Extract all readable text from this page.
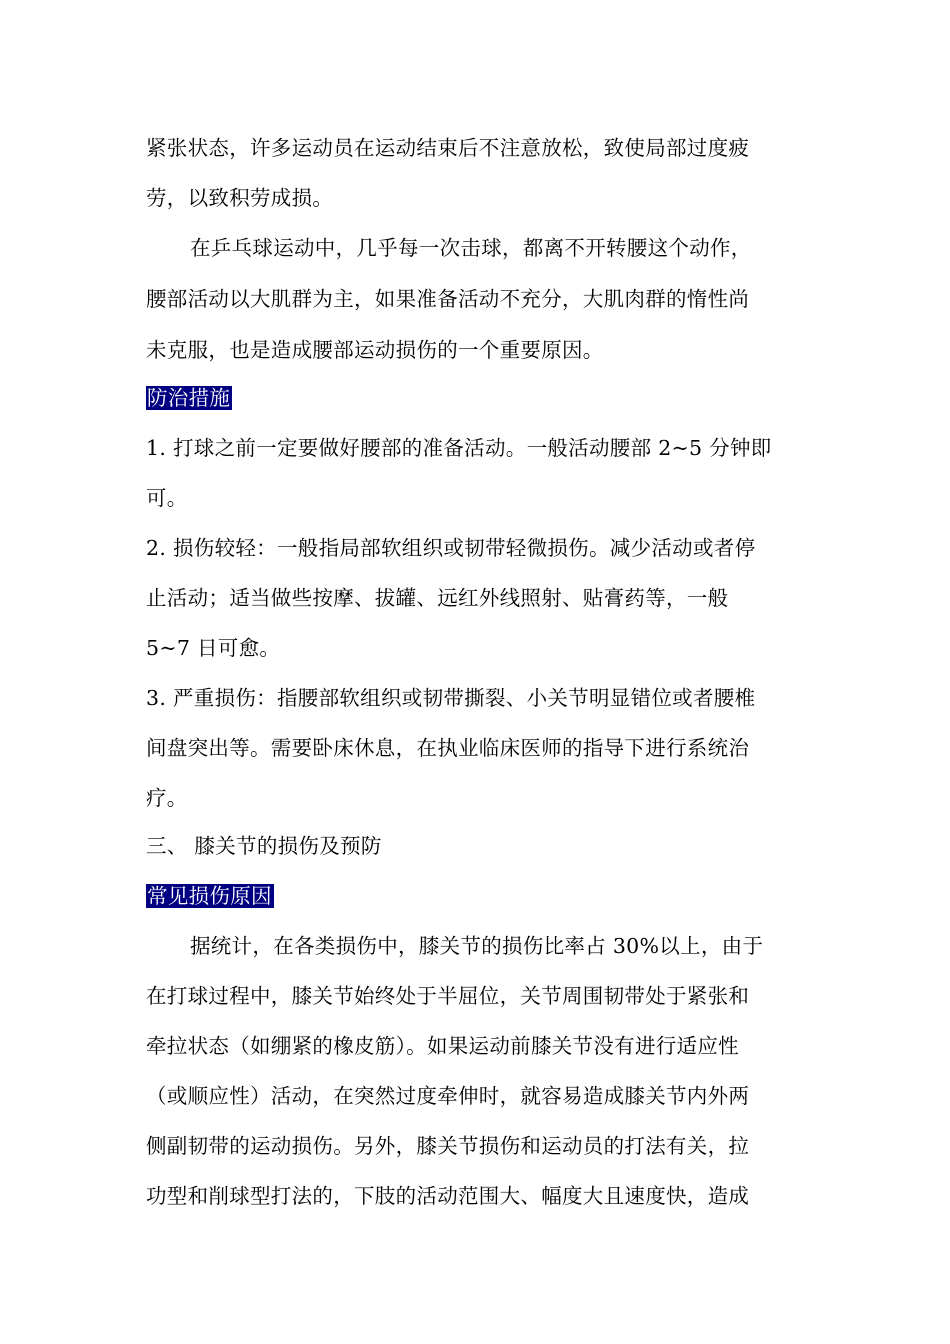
紧张状态，许多运动员在运动结束后不注意放松，致使局部过度疲
劳，以致积劳成损。
在乒乓球运动中，几乎每一次击球，都离不开转腰这个动作，
腰部活动以大肌群为主，如果准备活动不充分，大肌肉群的惰性尚
未克服，也是造成腰部运动损伤的一个重要原因。
防治措施
1. 打球之前一定要做好腰部的准备活动。一般活动腰部 2~5 分钟即
可。
2. 损伤较轻：一般指局部软组织或韧带轻微损伤。减少活动或者停
止活动；适当做些按摩、拔罐、远红外线照射、贴膏药等，一般
5~7 日可愈。
3. 严重损伤：指腰部软组织或韧带撕裂、小关节明显错位或者腰椎
间盘突出等。需要卧床休息，在执业临床医师的指导下进行系统治
疗。
三、 膝关节的损伤及预防
常见损伤原因
据统计，在各类损伤中，膝关节的损伤比率占 30%以上，由于
在打球过程中，膝关节始终处于半屈位，关节周围韧带处于紧张和
牵拉状态（如绷紧的橡皮筋）。如果运动前膝关节没有进行适应性
（或顺应性）活动，在突然过度牵伸时，就容易造成膝关节内外两
侧副韧带的运动损伤。另外，膝关节损伤和运动员的打法有关，拉
功型和削球型打法的，下肢的活动范围大、幅度大且速度快，造成
